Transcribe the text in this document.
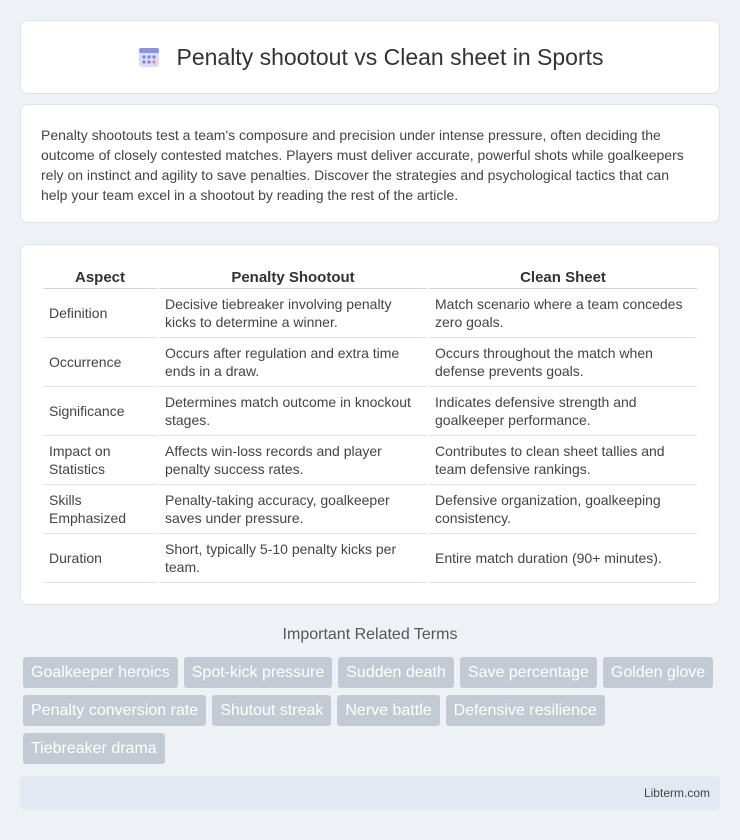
Penalty shootout vs Clean sheet in Sports

Penalty shootouts test a team's composure and precision under intense pressure, often deciding the outcome of closely contested matches. Players must deliver accurate, powerful shots while goalkeepers rely on instinct and agility to save penalties. Discover the strategies and psychological tactics that can help your team excel in a shootout by reading the rest of the article.

Aspect	Penalty Shootout	Clean Sheet
Definition	Decisive tiebreaker involving penalty kicks to determine a winner.	Match scenario where a team concedes zero goals.
Occurrence	Occurs after regulation and extra time ends in a draw.	Occurs throughout the match when defense prevents goals.
Significance	Determines match outcome in knockout stages.	Indicates defensive strength and goalkeeper performance.
Impact on Statistics	Affects win-loss records and player penalty success rates.	Contributes to clean sheet tallies and team defensive rankings.
Skills Emphasized	Penalty-taking accuracy, goalkeeper saves under pressure.	Defensive organization, goalkeeping consistency.
Duration	Short, typically 5-10 penalty kicks per team.	Entire match duration (90+ minutes).
Important Related Terms
Goalkeeper heroics	Spot-kick pressure	Sudden death	Save percentage	Golden glove
Penalty conversion rate	Shutout streak	Nerve battle	Defensive resilience
Tiebreaker drama
Libterm.com
